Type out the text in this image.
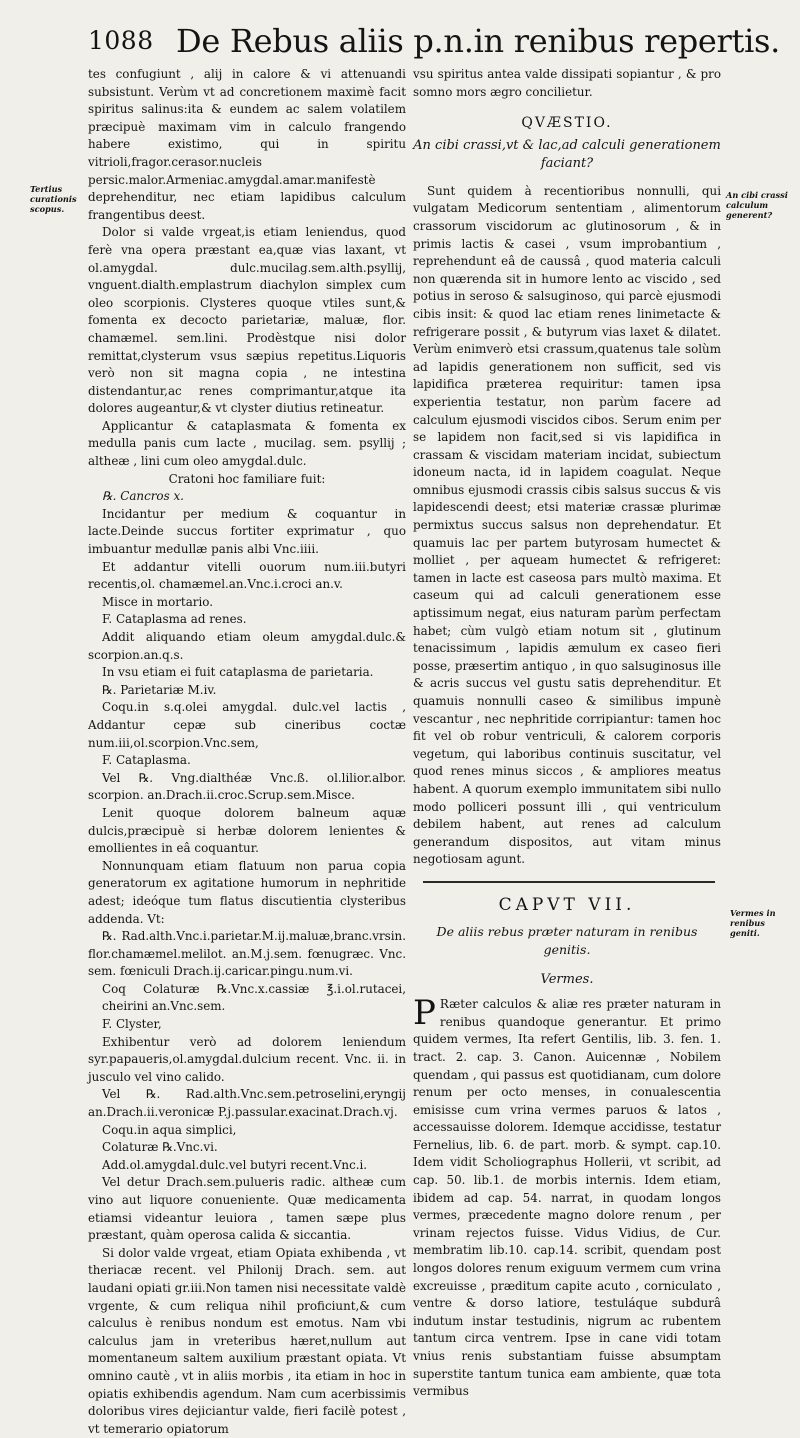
1088 De Rebus aliis p.n.in renibus repertis.
Tertius curationis scopus.
An cibi crassi calculum generent?
Vermes in renibus geniti.

tes confugiunt , alij in calore & vi attenuandi subsistunt. Verùm vt ad concretionem maximè facit spiritus salinus:ita & eundem ac salem volatilem præcipuè maximam vim in calculo frangendo habere existimo, qui in spiritu vitrioli,fragor.cerasor.nucleis persic.malor.Armeniac.amygdal.amar.manifestè deprehenditur, nec etiam lapidibus calculum frangentibus deest.

Dolor si valde vrgeat,is etiam leniendus, quod ferè vna opera præstant ea,quæ vias laxant, vt ol.amygdal. dulc.mucilag.sem.alth.psyllij, vnguent.dialth.emplastrum diachylon simplex cum oleo scorpionis. Clysteres quoque vtiles sunt,& fomenta ex decocto parietariæ, maluæ, flor. chamæmel. sem.lini. Prodèstque nisi dolor remittat,clysterum vsus sæpius repetitus.Liquoris verò non sit magna copia , ne intestina distendantur,ac renes comprimantur,atque ita dolores augeantur,& vt clyster diutius retineatur.

Applicantur & cataplasmata & fomenta ex medulla panis cum lacte , mucilag. sem. psyllij ; altheæ , lini cum oleo amygdal.dulc.

Cratoni hoc familiare fuit:

℞. Cancros x.

Incidantur per medium & coquantur in lacte.Deinde succus fortiter exprimatur , quo imbuantur medullæ panis albi Vnc.iiii.

Et addantur vitelli ouorum num.iii.butyri recentis,ol. chamæmel.an.Vnc.i.croci an.v.

Misce in mortario.

F. Cataplasma ad renes.

Addit aliquando etiam oleum amygdal.dulc.& scorpion.an.q.s.

In vsu etiam ei fuit cataplasma de parietaria.

℞. Parietariæ M.iv.

Coqu.in s.q.olei amygdal. dulc.vel lactis , Addantur cepæ sub cineribus coctæ num.iii,ol.scorpion.Vnc.sem,

F. Cataplasma.

Vel ℞. Vng.dialthéæ Vnc.ß. ol.lilior.albor. scorpion. an.Drach.ii.croc.Scrup.sem.Misce.

Lenit quoque dolorem balneum aquæ dulcis,præcipuè si herbæ dolorem lenientes & emollientes in eâ coquantur.

Nonnunquam etiam flatuum non parua copia generatorum ex agitatione humorum in nephritide adest; ideóque tum flatus discutientia clysteribus addenda. Vt:

℞. Rad.alth.Vnc.i.parietar.M.ij.maluæ,branc.vrsin. flor.chamæmel.melilot. an.M.j.sem. fœnugræc. Vnc. sem. fœniculi Drach.ij.caricar.pingu.num.vi.

Coq Colaturæ ℞.Vnc.x.cassiæ ℥.i.ol.rutacei, cheirini an.Vnc.sem.

F. Clyster,

Exhibentur verò ad dolorem leniendum syr.papaueris,ol.amygdal.dulcium recent. Vnc. ii. in jusculo vel vino calido.

Vel ℞. Rad.alth.Vnc.sem.petroselini,eryngij an.Drach.ii.veronicæ P.j.passular.exacinat.Drach.vj.

Coqu.in aqua simplici,

Colaturæ ℞.Vnc.vi.

Add.ol.amygdal.dulc.vel butyri recent.Vnc.i.

Vel detur Drach.sem.pulueris radic. altheæ cum vino aut liquore conueniente. Quæ medicamenta etiamsi videantur leuiora , tamen sæpe plus præstant, quàm operosa calida & siccantia.

Si dolor valde vrgeat, etiam Opiata exhibenda , vt theriacæ recent. vel Philonij Drach. sem. aut laudani opiati gr.iii.Non tamen nisi necessitate valdè vrgente, & cum reliqua nihil proficiunt,& cum calculus è renibus nondum est emotus. Nam vbi calculus jam in vreteribus hæret,nullum aut momentaneum saltem auxilium præstant opiata. Vt omnino cautè , vt in aliis morbis , ita etiam in hoc in opiatis exhibendis agendum. Nam cum acerbissimis doloribus vires dejiciantur valde, fieri facilè potest , vt temerario opiatorum

vsu spiritus antea valde dissipati sopiantur , & pro somno mors ægro concilietur.

QVÆSTIO.

An cibi crassi,vt & lac,ad calculi generationem faciant?

Sunt quidem à recentioribus nonnulli, qui vulgatam Medicorum sententiam , alimentorum crassorum viscidorum ac glutinosorum , & in primis lactis & casei , vsum improbantium , reprehendunt eâ de caussâ , quod materia calculi non quærenda sit in humore lento ac viscido , sed potius in seroso & salsuginoso, qui parcè ejusmodi cibis insit: & quod lac etiam renes linimetacte & refrigerare possit , & butyrum vias laxet & dilatet. Verùm enimverò etsi crassum,quatenus tale solùm ad lapidis generationem non sufficit, sed vis lapidifica præterea requiritur: tamen ipsa experientia testatur, non parùm facere ad calculum ejusmodi viscidos cibos. Serum enim per se lapidem non facit,sed si vis lapidifica in crassam & viscidam materiam incidat, subiectum idoneum nacta, id in lapidem coagulat. Neque omnibus ejusmodi crassis cibis salsus succus & vis lapidescendi deest; etsi materiæ crassæ plurimæ permixtus succus salsus non deprehendatur. Et quamuis lac per partem butyrosam humectet & molliet , per aqueam humectet & refrigeret: tamen in lacte est caseosa pars multò maxima. Et caseum qui ad calculi generationem esse aptissimum negat, eius naturam parùm perfectam habet; cùm vulgò etiam notum sit , glutinum tenacissimum , lapidis æmulum ex caseo fieri posse, præsertim antiquo , in quo salsuginosus ille & acris succus vel gustu satis deprehenditur. Et quamuis nonnulli caseo & similibus impunè vescantur , nec nephritide corripiantur: tamen hoc fit vel ob robur ventriculi, & calorem corporis vegetum, qui laboribus continuis suscitatur, vel quod renes minus siccos , & ampliores meatus habent. A quorum exemplo immunitatem sibi nullo modo polliceri possunt illi , qui ventriculum debilem habent, aut renes ad calculum generandum dispositos, aut vitam minus negotiosam agunt.

CAPVT VII.

De aliis rebus præter naturam in renibus genitis.

Vermes.

P Ræter calculos & aliæ res præter naturam in renibus quandoque generantur. Et primo quidem vermes, Ita refert Gentilis, lib. 3. fen. 1. tract. 2. cap. 3. Canon. Auicennæ , Nobilem quendam , qui passus est quotidianam, cum dolore renum per octo menses, in conualescentia emisisse cum vrina vermes paruos & latos , accessauisse dolorem. Idemque accidisse, testatur Fernelius, lib. 6. de part. morb. & sympt. cap.10. Idem vidit Scholiographus Hollerii, vt scribit, ad cap. 50. lib.1. de morbis internis. Idem etiam, ibidem ad cap. 54. narrat, in quodam longos vermes, præcedente magno dolore renum , per vrinam rejectos fuisse. Vidus Vidius, de Cur. membratim lib.10. cap.14. scribit, quendam post longos dolores renum exiguum vermem cum vrina excreuisse , præditum capite acuto , corniculato , ventre & dorso latiore, testuláque subdurâ indutum instar testudinis, nigrum ac rubentem tantum circa ventrem. Ipse in cane vidi totam vnius renis substantiam fuisse absumptam superstite tantum tunica eam ambiente, quæ tota vermibus
